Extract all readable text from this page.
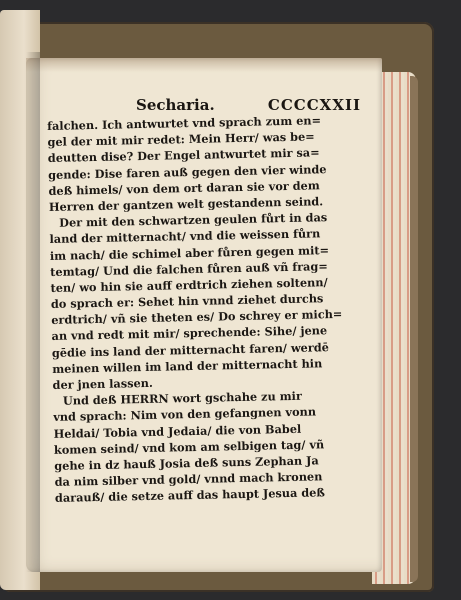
Secharia.	CCCCXXII
falchen. Ich antwurtet vnd sprach zum en=
gel der mit mir redet: Mein Herr/ was be=
deutten dise? Der Engel antwurtet mir sa=
gende: Dise faren auß gegen den vier winde
deß himels/ von dem ort daran sie vor dem
Herren der gantzen welt gestandenn seind.
Der mit den schwartzen geulen fůrt in das
land der mitternacht/ vnd die weissen fůrn
im nach/ die schimel aber fůren gegen mit=
temtag/ Und die falchen fůren auß vñ frag=
ten/ wo hin sie auff erdtrich ziehen soltenn/
do sprach er: Sehet hin vnnd ziehet durchs
erdtrich/ vñ sie theten es/ Do schrey er mich=
an vnd redt mit mir/ sprechende: Sihe/ jene
gēdie ins land der mitternacht faren/ werdē
meinen willen im land der mitternacht hin
der jnen lassen.
Und deß HERRN wort gschahe zu mir
vnd sprach: Nim von den gefangnen vonn
Heldai/ Tobia vnd Jedaia/ die von Babel
komen seind/ vnd kom am selbigen tag/ vñ
gehe in dz hauß Josia deß suns Zephan Ja
da nim silber vnd gold/ vnnd mach kronen
darauß/ die setze auff das haupt Jesua deß
